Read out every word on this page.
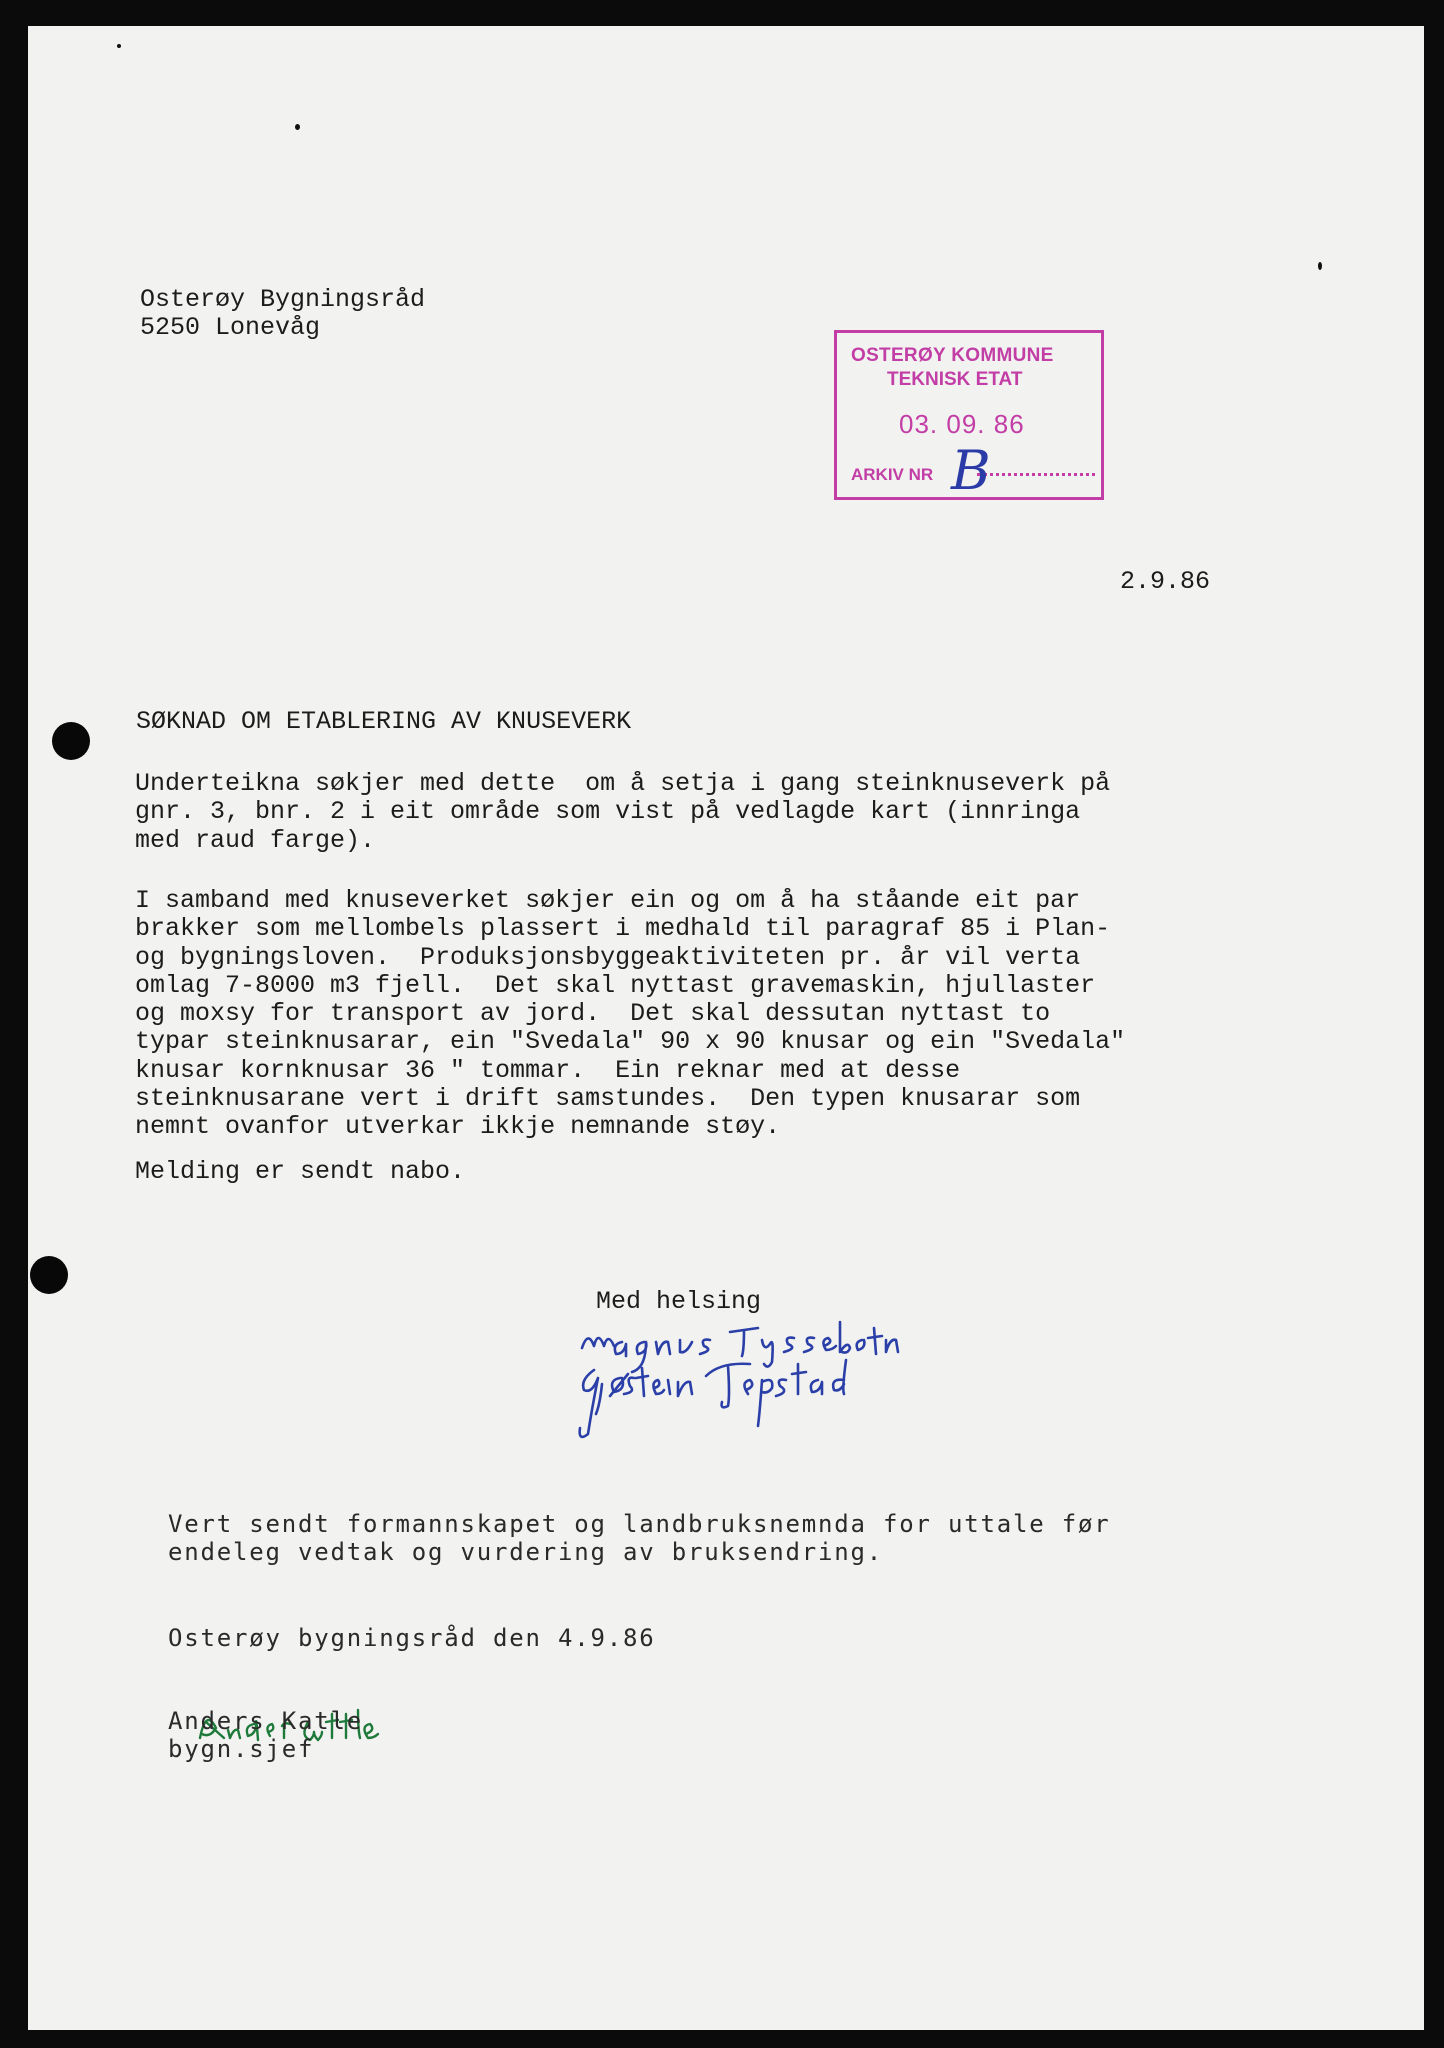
Osterøy Bygningsråd
5250 Lonevåg
OSTERØY KOMMUNE
TEKNISK ETAT
03. 09. 86
ARKIV NR B
2.9.86
SØKNAD OM ETABLERING AV KNUSEVERK
Underteikna søkjer med dette  om å setja i gang steinknuseverk på
gnr. 3, bnr. 2 i eit område som vist på vedlagde kart (innringa
med raud farge).
I samband med knuseverket søkjer ein og om å ha ståande eit par
brakker som mellombels plassert i medhald til paragraf 85 i Plan-
og bygningsloven.  Produksjonsbyggeaktiviteten pr. år vil verta
omlag 7-8000 m3 fjell.  Det skal nyttast gravemaskin, hjullaster
og moxsy for transport av jord.  Det skal dessutan nyttast to
typar steinknusarar, ein "Svedala" 90 x 90 knusar og ein "Svedala"
knusar kornknusar 36 " tommar.  Ein reknar med at desse
steinknusarane vert i drift samstundes.  Den typen knusarar som
nemnt ovanfor utverkar ikkje nemnande støy.
Melding er sendt nabo.
Med helsing
Vert sendt formannskapet og landbruksnemnda for uttale før
endeleg vedtak og vurdering av bruksendring.
Osterøy bygningsråd den 4.9.86
Anders Katle
bygn.sjef
